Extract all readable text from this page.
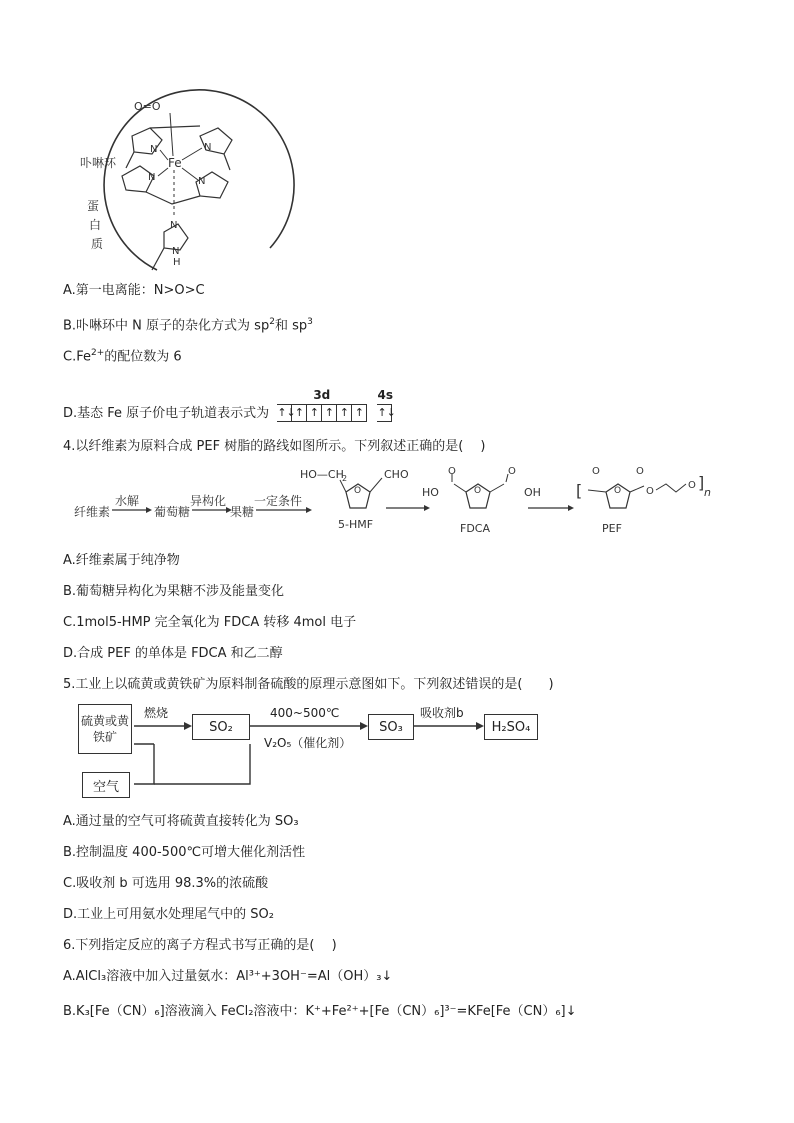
O=O
N	N
N	N
Fe
N
N
H
卟啉环
蛋
白
质
A.第一电离能：N>O>C
B.卟啉环中 N 原子的杂化方式为 $sp^2$和 $sp^3$
$C.Fe^{2+}$的配位数为 6
D.基态 Fe 原子价电子轨道表示式为
3d
↑↓↑ ↑ ↑ ↑ ↑
4s
↑↓
4.以纤维素为原料合成 PEF 树脂的路线如图所示。下列叙述正确的是(　 )
纤维素
水解
葡萄糖
异构化
果糖
一定条件
HO—CH
2	CHO
O
5-HMF
O	O
HO	OH
O
FDCA
[
O	O
O O
O ]
n
PEF
A.纤维素属于纯净物
B.葡萄糖异构化为果糖不涉及能量变化
C.1mol5-HMP 完全氧化为 FDCA 转移 4mol 电子
D.合成 PEF 的单体是 FDCA 和乙二醇
5.工业上以硫黄或黄铁矿为原料制备硫酸的原理示意图如下。下列叙述错误的是(　　)
硫黄或黄铁矿
燃烧
SO₂
400~500℃
V₂O₅（催化剂）
SO₃
吸收剂b
H₂SO₄
空气
A.通过量的空气可将硫黄直接转化为 SO₃
B.控制温度 400-500℃可增大催化剂活性
C.吸收剂 b 可选用 98.3%的浓硫酸
D.工业上可用氨水处理尾气中的 SO₂
6.下列指定反应的离子方程式书写正确的是(　 )
A.AlCl₃溶液中加入过量氨水：Al³⁺+3OH⁻=Al（OH）₃↓
B.K₃[Fe（CN）₆]溶液滴入 FeCl₂溶液中：K⁺+Fe²⁺+[Fe（CN）₆]³⁻=KFe[Fe（CN）₆]↓
